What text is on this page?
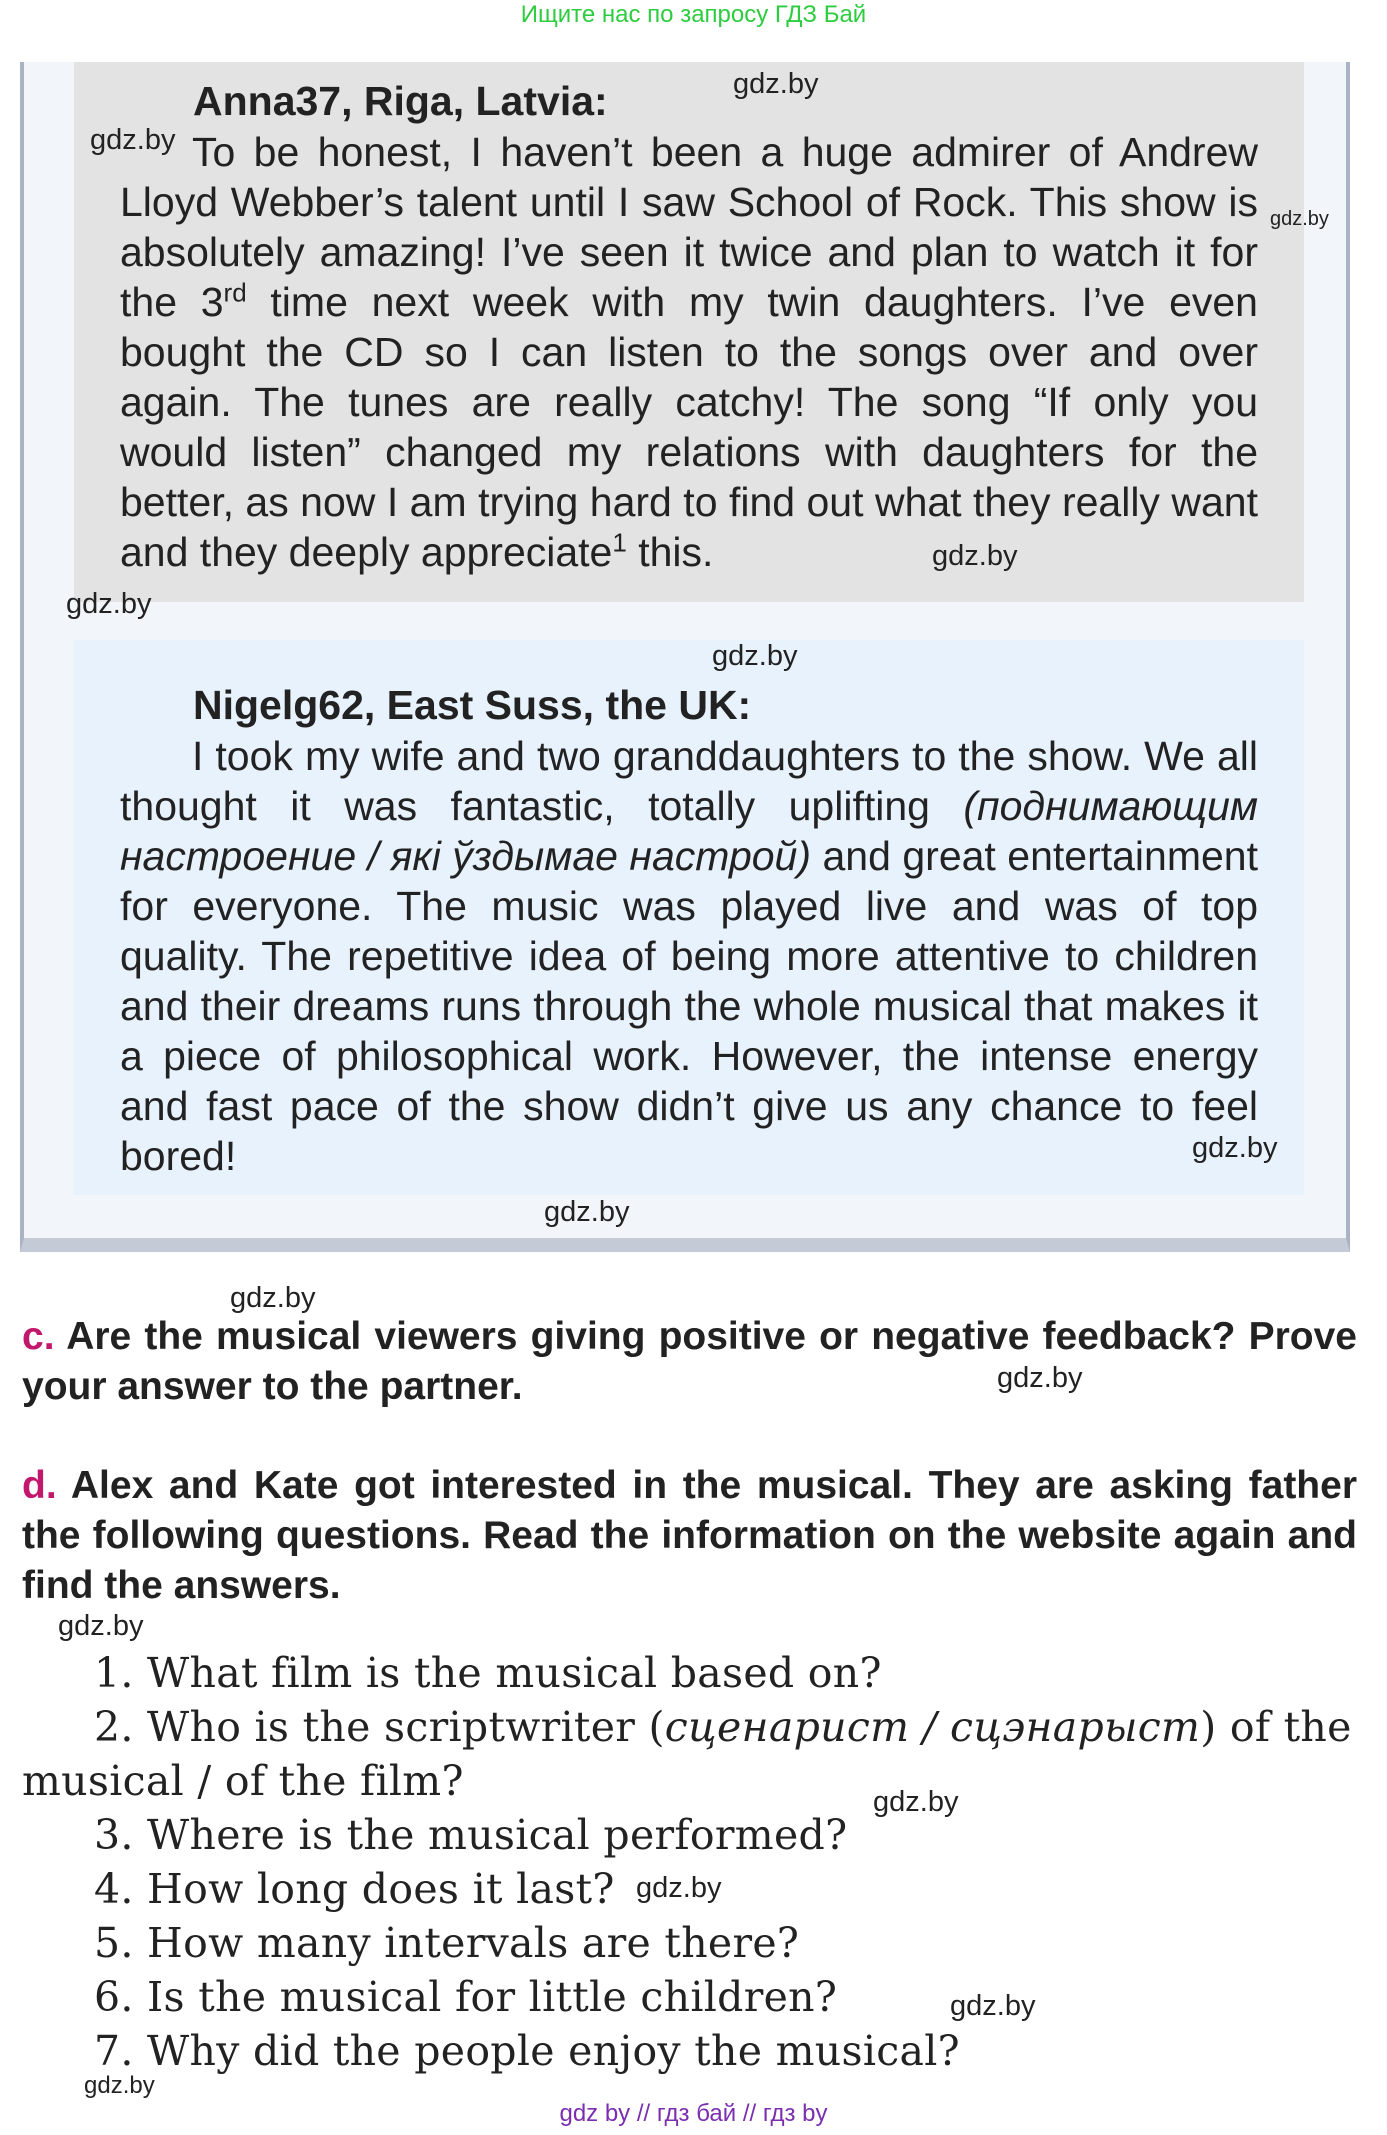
Ищите нас по запросу ГДЗ Бай
Anna37, Riga, Latvia:
To be honest, I haven’t been a huge admirer of Andrew Lloyd Webber’s talent until I saw School of Rock. This show is absolutely amazing! I’ve seen it twice and plan to watch it for the 3rd time next week with my twin daughters. I’ve even bought the CD so I can listen to the songs over and over again. The tunes are really catchy! The song “If only you would listen” changed my relations with daughters for the better, as now I am trying hard to find out what they really want and they deeply appreciate$^1$ this.
Nigelg62, East Suss, the UK:
I took my wife and two granddaughters to the show. We all thought it was fantastic, totally uplifting (поднимающим настроение / які ўздымае настрой) and great entertainment for everyone. The music was played live and was of top quality. The repetitive idea of being more attentive to children and their dreams runs through the whole musical that makes it a piece of philosophical work. However, the intense energy and fast pace of the show didn’t give us any chance to feel bored!
c. Are the musical viewers giving positive or negative feedback? Prove your answer to the partner.
d. Alex and Kate got interested in the musical. They are asking father the following questions. Read the information on the website again and find the answers.
1. What film is the musical based on?
2. Who is the scriptwriter (сценарист / сцэнарыст) of the musical / of the film?
3. Where is the musical performed?
4. How long does it last?
5. How many intervals are there?
6. Is the musical for little children?
7. Why did the people enjoy the musical?
gdz.by
gdz.by
gdz.by
gdz.by
gdz.by
gdz.by
gdz.by
gdz.by
gdz.by
gdz.by
gdz.by
gdz.by
gdz.by
gdz.by
gdz.by
gdz by // гдз бай // гдз by
